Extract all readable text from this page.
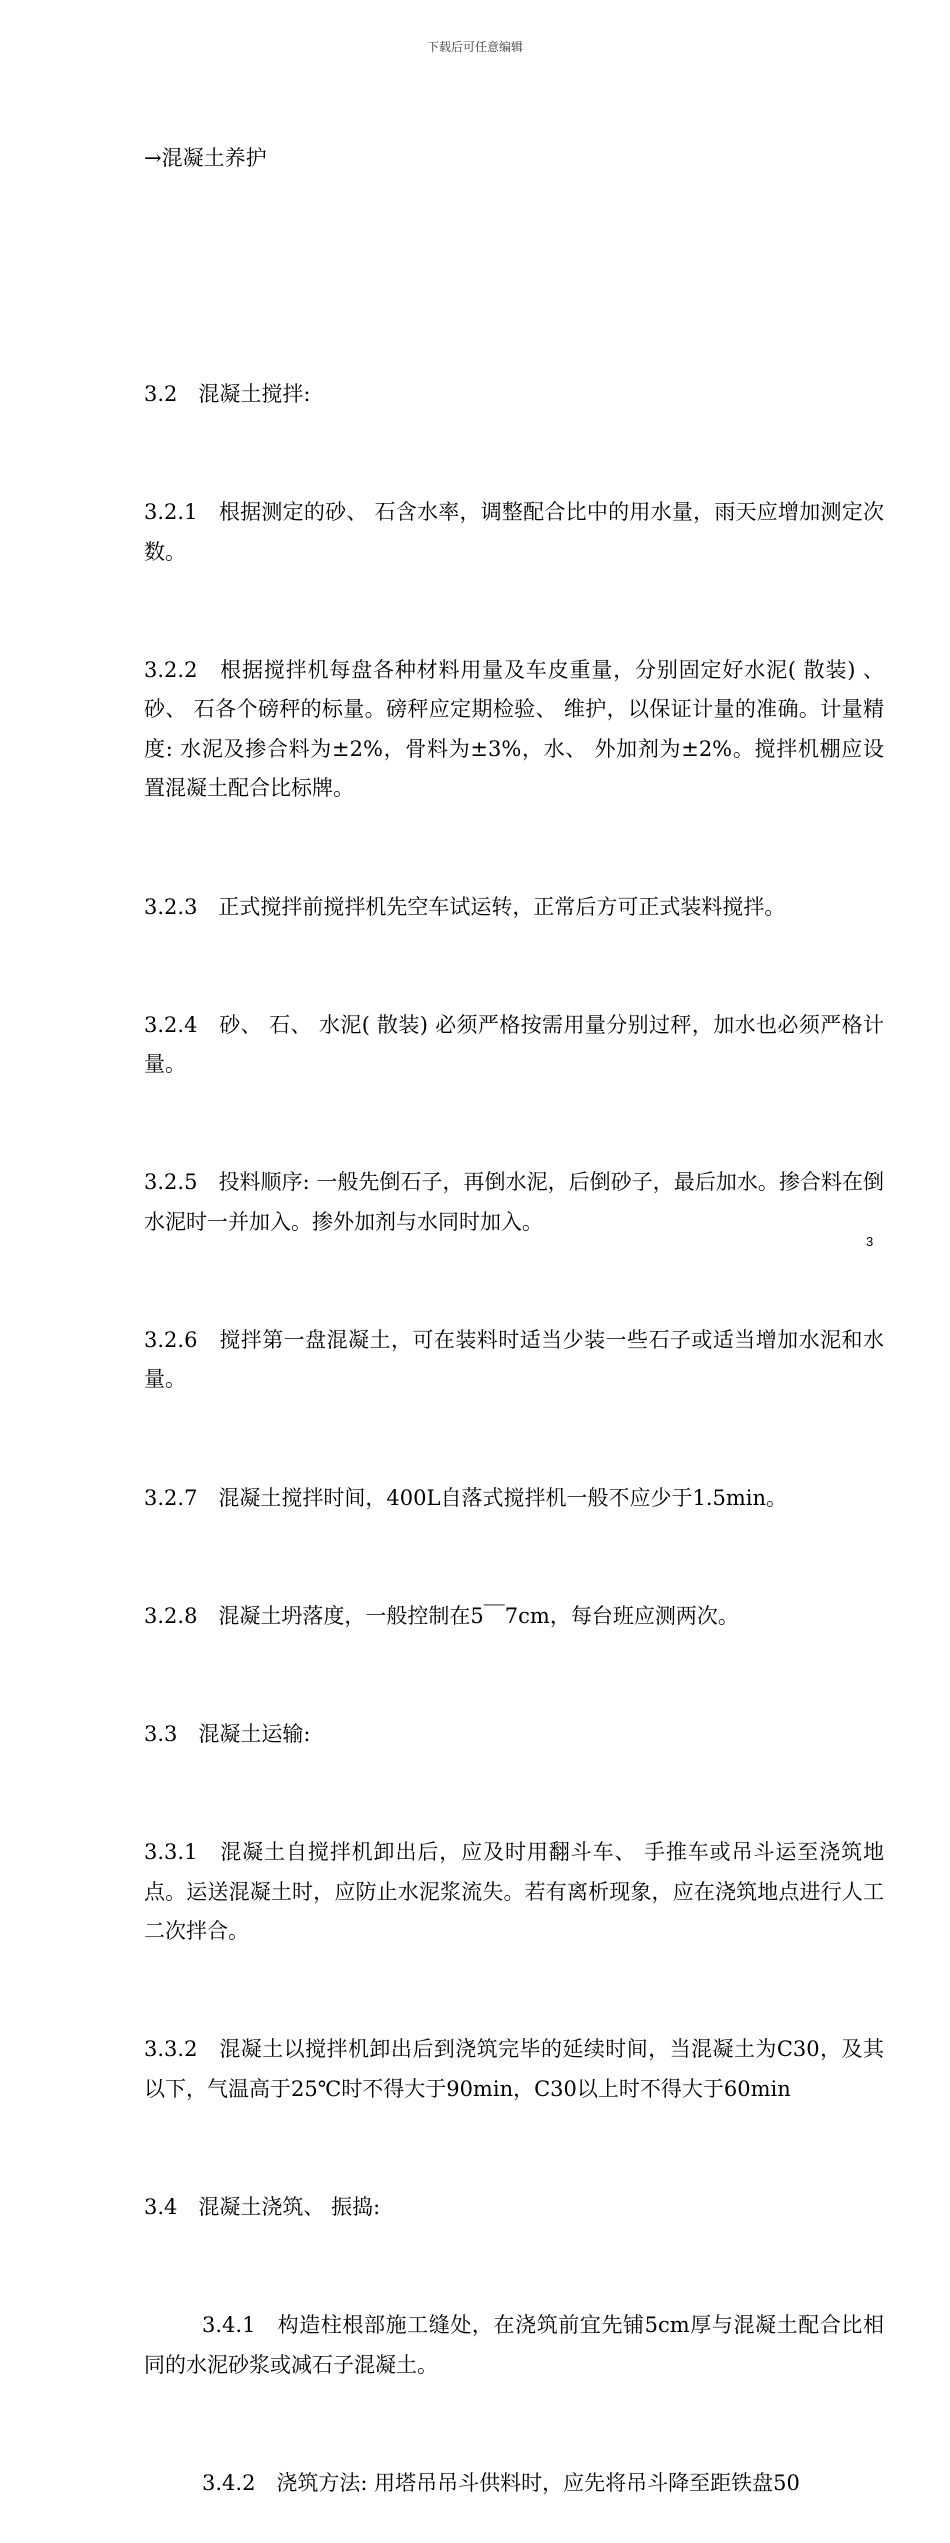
下载后可任意编辑

→混凝土养护

3.2　混凝土搅拌:

3.2.1　根据测定的砂、 石含水率，调整配合比中的用水量，雨天应增加测定次数。

3.2.2　根据搅拌机每盘各种材料用量及车皮重量，分别固定好水泥( 散装) 、 砂、 石各个磅秤的标量。磅秤应定期检验、 维护，以保证计量的准确。计量精度: 水泥及掺合料为±2%，骨料为±3%，水、 外加剂为±2%。搅拌机棚应设置混凝土配合比标牌。

3.2.3　正式搅拌前搅拌机先空车试运转，正常后方可正式装料搅拌。

3.2.4　砂、 石、 水泥( 散装) 必须严格按需用量分别过秤，加水也必须严格计量。

3.2.5　投料顺序: 一般先倒石子，再倒水泥，后倒砂子，最后加水。掺合料在倒水泥时一并加入。掺外加剂与水同时加入。

3.2.6　搅拌第一盘混凝土，可在装料时适当少装一些石子或适当增加水泥和水量。

3.2.7　混凝土搅拌时间，400L自落式搅拌机一般不应少于1.5min。

3.2.8　混凝土坍落度，一般控制在5￣7cm，每台班应测两次。

3.3　混凝土运输:

3.3.1　混凝土自搅拌机卸出后，应及时用翻斗车、 手推车或吊斗运至浇筑地点。运送混凝土时，应防止水泥浆流失。若有离析现象，应在浇筑地点进行人工二次拌合。

3.3.2　混凝土以搅拌机卸出后到浇筑完毕的延续时间，当混凝土为C30，及其以下，气温高于25℃时不得大于90min，C30以上时不得大于60min

3.4　混凝土浇筑、 振捣:

3.4.1　构造柱根部施工缝处，在浇筑前宜先铺5cm厚与混凝土配合比相同的水泥砂浆或减石子混凝土。

3.4.2　浇筑方法: 用塔吊吊斗供料时，应先将吊斗降至距铁盘50

3
